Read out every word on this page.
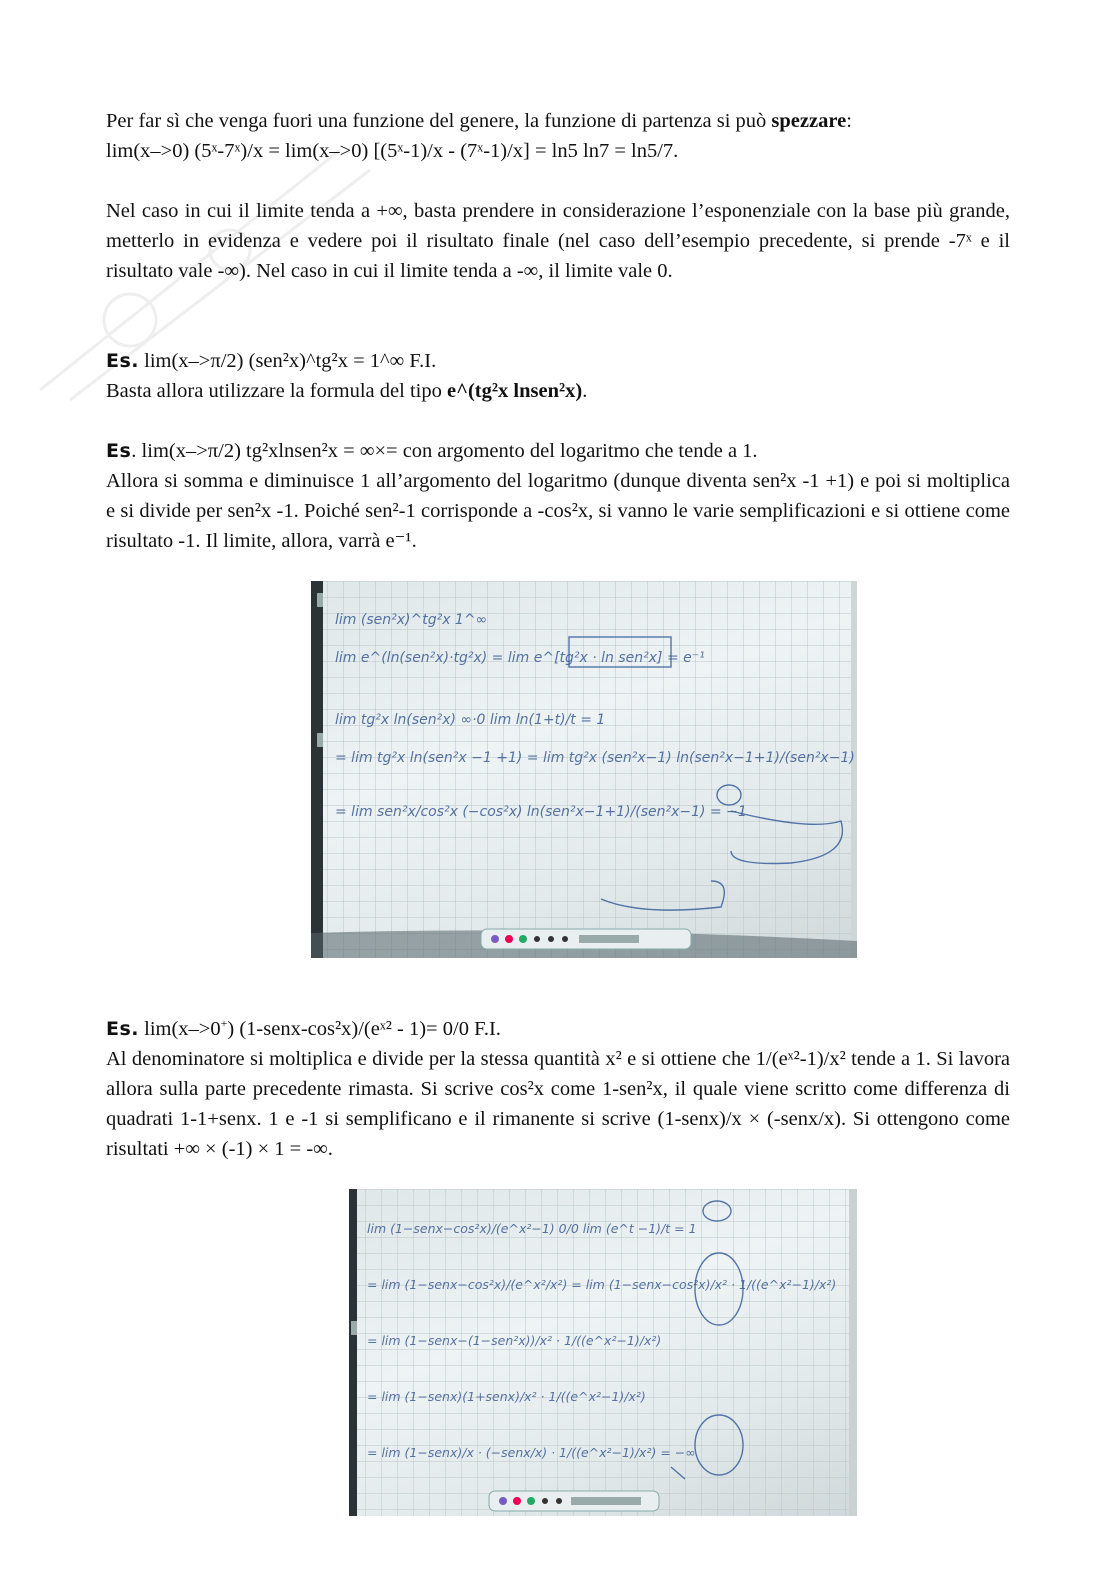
Per far sì che venga fuori una funzione del genere, la funzione di partenza si può spezzare:

lim(x–>0) (5ˣ-7ˣ)/x = lim(x–>0) [(5ˣ-1)/x - (7ˣ-1)/x] = ln5 ln7 = ln5/7.

Nel caso in cui il limite tenda a +∞, basta prendere in considerazione l’esponenziale con la base più grande, metterlo in evidenza e vedere poi il risultato finale (nel caso dell’esempio precedente, si prende -7ˣ e il risultato vale -∞). Nel caso in cui il limite tenda a -∞, il limite vale 0.

Es. lim(x–>π/2) (sen²x)^tg²x = 1^∞ F.I.

Basta allora utilizzare la formula del tipo e^(tg²x lnsen²x).

Es. lim(x–>π/2) tg²xlnsen²x = ∞×= con argomento del logaritmo che tende a 1.

Allora si somma e diminuisce 1 all’argomento del logaritmo (dunque diventa sen²x -1 +1) e poi si moltiplica e si divide per sen²x -1. Poiché sen²-1 corrisponde a -cos²x, si vanno le varie semplificazioni e si ottiene come risultato -1. Il limite, allora, varrà e⁻¹.

lim (sen²x)^tg²x 1^∞
lim e^(ln(sen²x)·tg²x) = lim e^[tg²x · ln sen²x] = e⁻¹
lim tg²x ln(sen²x) ∞·0 lim ln(1+t)/t = 1
= lim tg²x ln(sen²x −1 +1) = lim tg²x (sen²x−1) ln(sen²x−1+1)/(sen²x−1)
= lim sen²x/cos²x (−cos²x) ln(sen²x−1+1)/(sen²x−1) = −1

Es. lim(x–>0+) (1-senx-cos²x)/(eˣ² - 1)= 0/0 F.I.

Al denominatore si moltiplica e divide per la stessa quantità x² e si ottiene che 1/(eˣ²-1)/x² tende a 1. Si lavora allora sulla parte precedente rimasta. Si scrive cos²x come 1-sen²x, il quale viene scritto come differenza di quadrati 1-1+senx. 1 e -1 si semplificano e il rimanente si scrive (1-senx)/x × (-senx/x). Si ottengono come risultati +∞ × (-1) × 1 = -∞.

lim (1−senx−cos²x)/(e^x²−1) 0/0 lim (e^t −1)/t = 1
= lim (1−senx−cos²x)/(e^x²/x²) = lim (1−senx−cos²x)/x² · 1/((e^x²−1)/x²)
= lim (1−senx−(1−sen²x))/x² · 1/((e^x²−1)/x²)
= lim (1−senx)(1+senx)/x² · 1/((e^x²−1)/x²)
= lim (1−senx)/x · (−senx/x) · 1/((e^x²−1)/x²) = −∞
